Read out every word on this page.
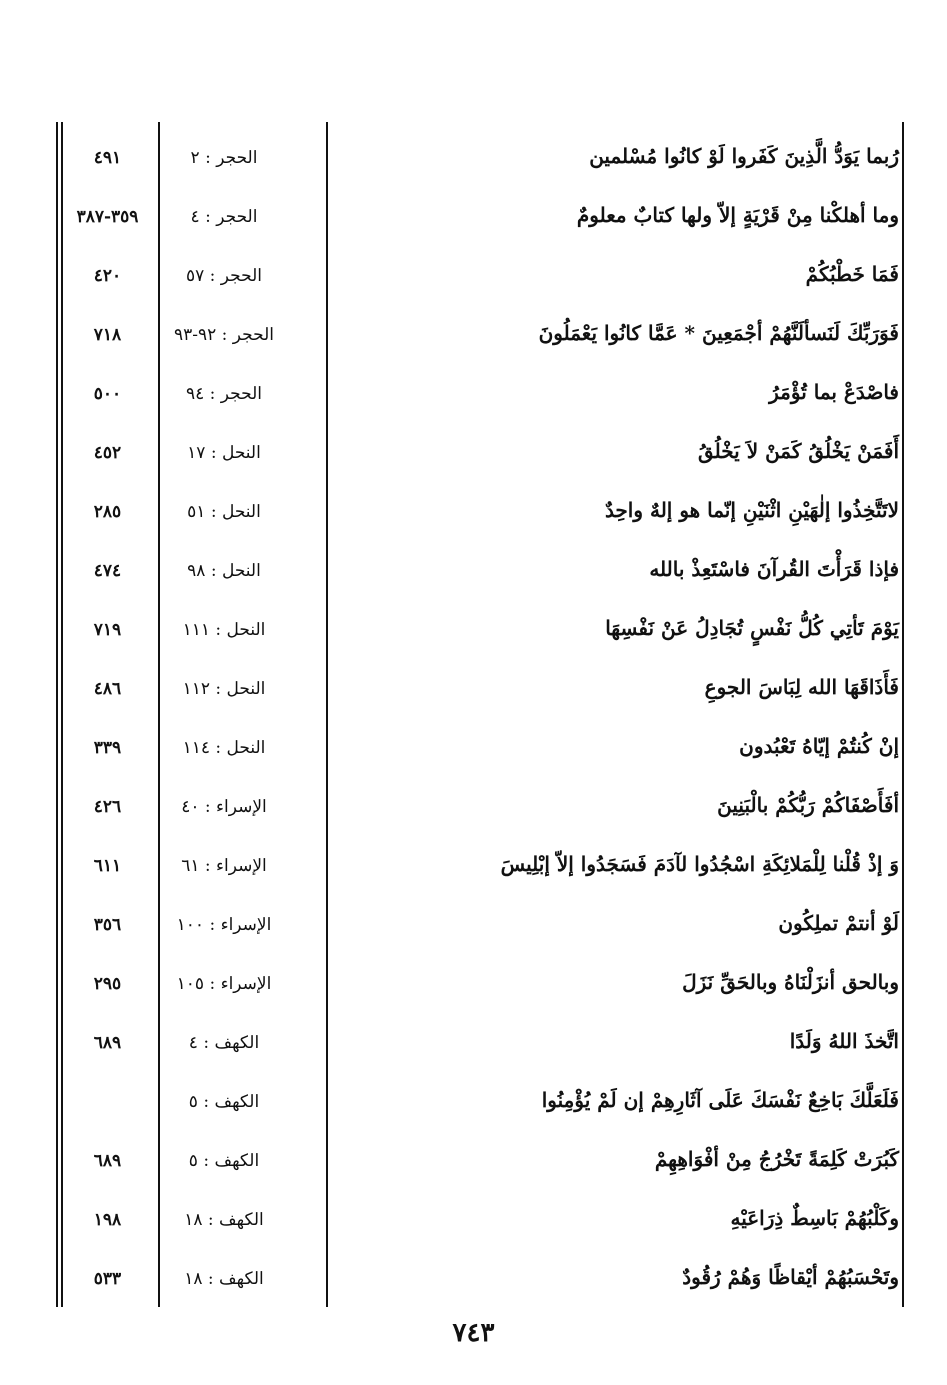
رُبما يَوَدُّ الَّذِينَ كَفَروا لَوْ كانُوا مُسْلمين
الحجر : ٢
٤٩١
وما أهلكْنا مِنْ قَرْيَةٍ إلاّ ولها كتابٌ معلومٌ
الحجر : ٤
٣٥٩-٣٨٧
فَمَا خَطْبُكُمْ
الحجر : ٥٧
٤٢٠
فَوَرَبِّكَ لَنَسألَنَّهُمْ أجْمَعِينَ * عَمَّا كانُوا يَعْمَلُونَ
الحجر : ٩٢-٩٣
٧١٨
فاصْدَعْ بما تُؤْمَرُ
الحجر : ٩٤
٥٠٠
أَفَمَنْ يَخْلُقُ كَمَنْ لاَ يَخْلُقُ
النحل : ١٧
٤٥٢
لاتَتَّخِذُوا إلٰهَيْنِ اثْنَيْنِ إنّما هو إلهٌ واحِدٌ
النحل : ٥١
٢٨٥
فإذا قَرَأْتَ القُرآنَ فاسْتَعِذْ بالله
النحل : ٩٨
٤٧٤
يَوْمَ تَأتِي كُلُّ نَفْسٍ تُجَادِلُ عَنْ نَفْسِهَا
النحل : ١١١
٧١٩
فَأَذَاقَهَا الله لِبَاسَ الجوعِ
النحل : ١١٢
٤٨٦
إنْ كُنتُمْ إيّاهُ تَعْبُدون
النحل : ١١٤
٣٣٩
أفَأَصْفَاكُمْ رَبُّكُمْ بالْبَنِينَ
الإسراء : ٤٠
٤٢٦
وَ إذْ قُلْنا لِلْمَلائِكَةِ اسْجُدُوا لآدَمَ فَسَجَدُوا إلاّ إبْلِيسَ
الإسراء : ٦١
٦١١
لَوْ أنتمْ تملِكُون
الإسراء : ١٠٠
٣٥٦
وبالحق أنزَلْنَاهُ وبالحَقِّ نَزَلَ
الإسراء : ١٠٥
٢٩٥
اتَّخذَ اللهُ وَلَدًا
الكهف : ٤
٦٨٩
فَلَعَلَّكَ بَاخِعٌ نَفْسَكَ عَلَى آثَارِهِمْ إن لَمْ يُؤْمِنُوا
الكهف : ٥
كَبُرَتْ كَلِمَةً تَخْرُجُ مِنْ أفْوَاهِهِمْ
الكهف : ٥
٦٨٩
وكَلْبُهُمْ بَاسِطٌ ذِرَاعَيْهِ
الكهف : ١٨
١٩٨
وتَحْسَبُهُمْ أيْقاظًا وَهُمْ رُقُودٌ
الكهف : ١٨
٥٣٣
٧٤٣
